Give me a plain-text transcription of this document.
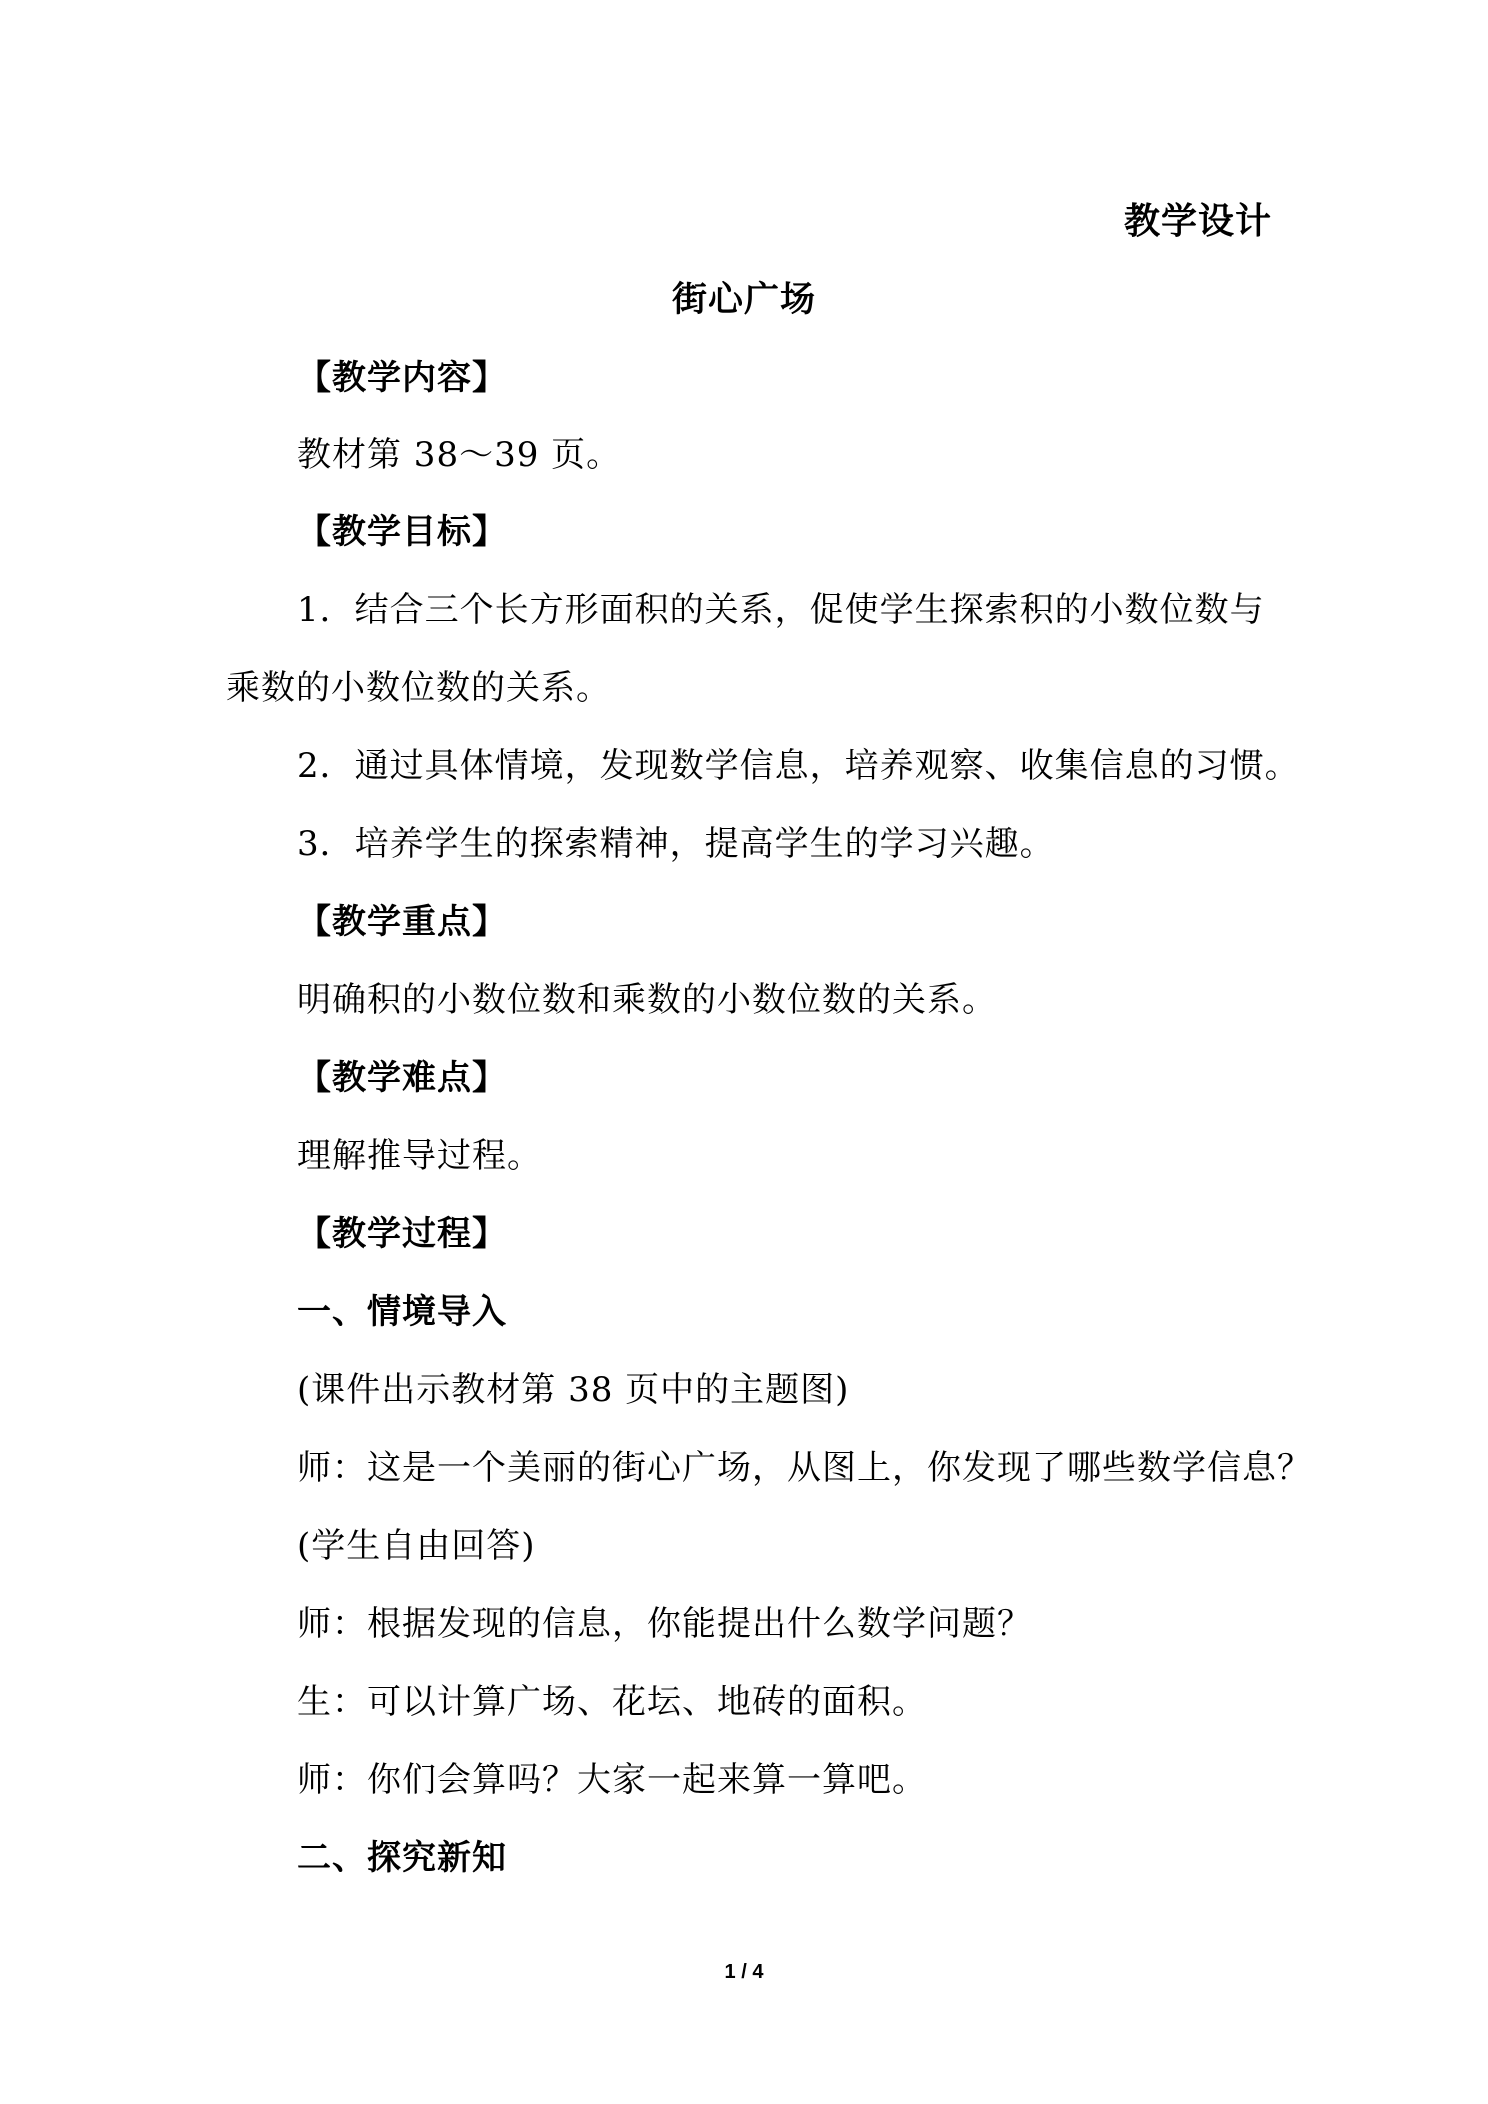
教学设计
街心广场
【教学内容】
教材第 38～39 页。
【教学目标】
1．结合三个长方形面积的关系，促使学生探索积的小数位数与
乘数的小数位数的关系。
2．通过具体情境，发现数学信息，培养观察、收集信息的习惯。
3．培养学生的探索精神，提高学生的学习兴趣。
【教学重点】
明确积的小数位数和乘数的小数位数的关系。
【教学难点】
理解推导过程。
【教学过程】
一、情境导入
(课件出示教材第 38 页中的主题图)
师：这是一个美丽的街心广场，从图上，你发现了哪些数学信息？
(学生自由回答)
师：根据发现的信息，你能提出什么数学问题？
生：可以计算广场、花坛、地砖的面积。
师：你们会算吗？大家一起来算一算吧。
二、探究新知
1 / 4
